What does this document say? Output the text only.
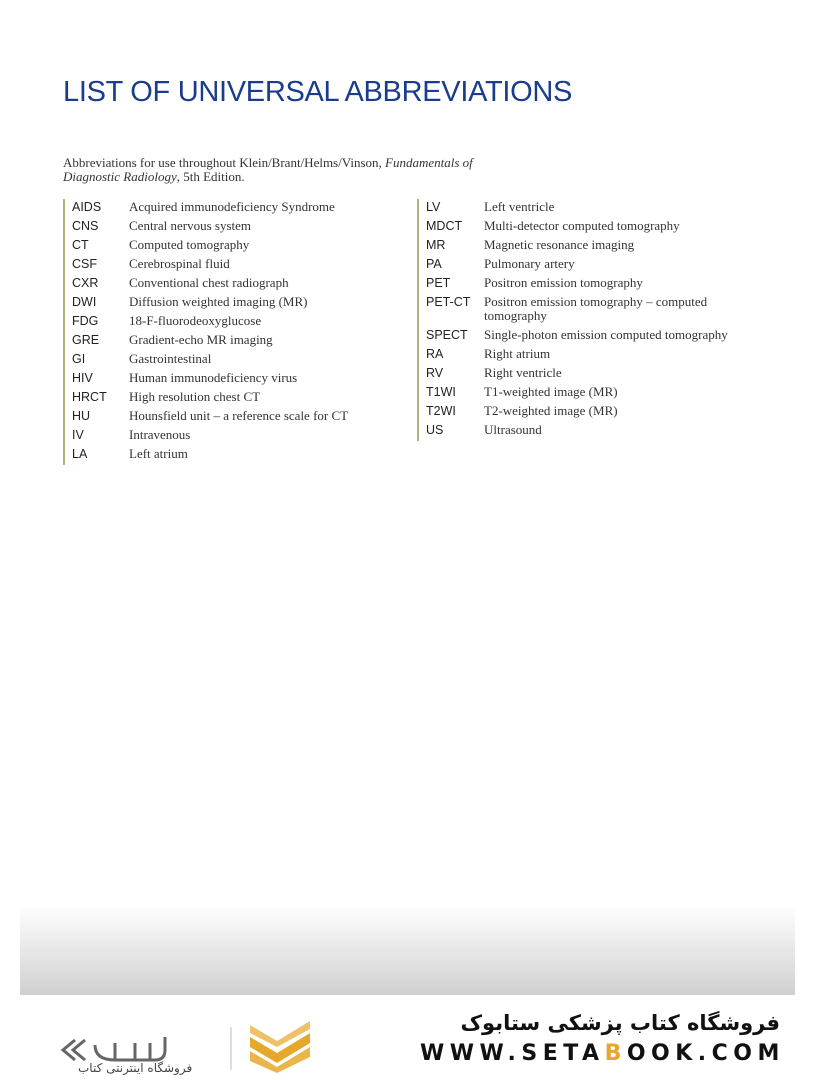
LIST OF UNIVERSAL ABBREVIATIONS
Abbreviations for use throughout Klein/Brant/Helms/Vinson, Fundamentals of Diagnostic Radiology, 5th Edition.
AIDS	Acquired immunodeficiency Syndrome
CNS	Central nervous system
CT	Computed tomography
CSF	Cerebrospinal fluid
CXR	Conventional chest radiograph
DWI	Diffusion weighted imaging (MR)
FDG	18-F-fluorodeoxyglucose
GRE	Gradient-echo MR imaging
GI	Gastrointestinal
HIV	Human immunodeficiency virus
HRCT	High resolution chest CT
HU	Hounsfield unit – a reference scale for CT
IV	Intravenous
LA	Left atrium
LV	Left ventricle
MDCT	Multi-detector computed tomography
MR	Magnetic resonance imaging
PA	Pulmonary artery
PET	Positron emission tomography
PET-CT	Positron emission tomography – computed tomography
SPECT	Single-photon emission computed tomography
RA	Right atrium
RV	Right ventricle
T1WI	T1-weighted image (MR)
T2WI	T2-weighted image (MR)
US	Ultrasound
فروشگاه اینترنتی کتاب
فروشگاه کتاب پزشکی ستابوک
WWW.SETABOOK.COM
